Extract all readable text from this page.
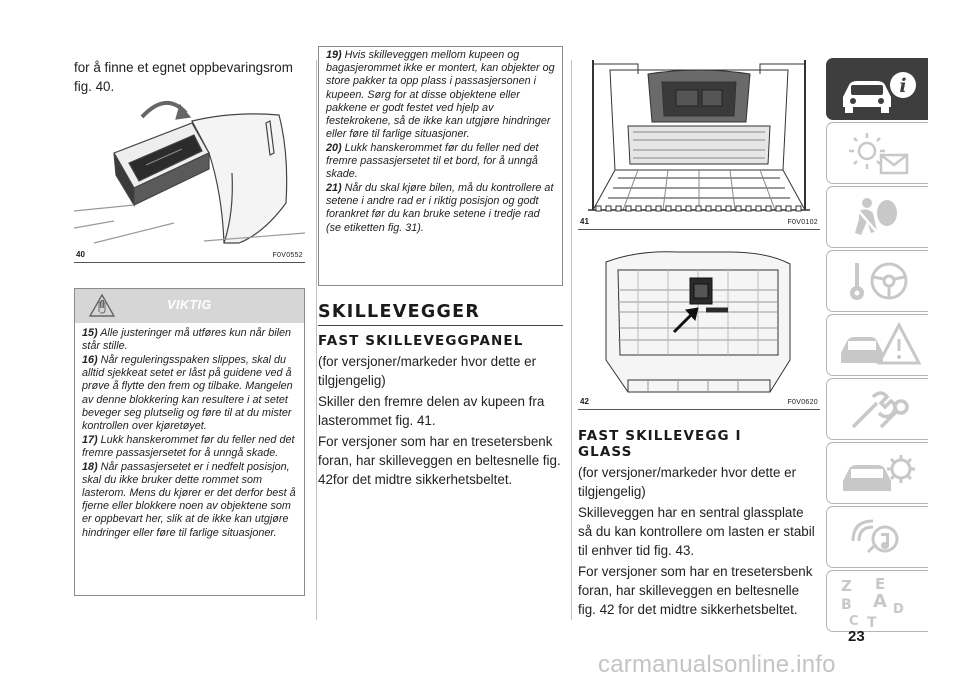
for å finne et egnet oppbevaringsrom fig. 40.
40	F0V0552
VIKTIG

15) Alle justeringer må utføres kun når bilen står stille.

16) Når reguleringsspaken slippes, skal du alltid sjekkeat setet er låst på guidene ved å prøve å flytte den frem og tilbake. Mangelen av denne blokkering kan resultere i at setet beveger seg plutselig og føre til at du mister kontrollen over kjøretøyet.

17) Lukk hanskerommet før du feller ned det fremre passasjersetet for å unngå skade.

18) Når passasjersetet er i nedfelt posisjon, skal du ikke bruker dette rommet som lasterom. Mens du kjører er det derfor best å fjerne eller blokkere noen av objektene som er oppbevart her, slik at de ikke kan utgjøre hindringer eller føre til farlige situasjoner.

19) Hvis skilleveggen mellom kupeen og bagasjerommet ikke er montert, kan objekter og store pakker ta opp plass i passasjersonen i kupeen. Sørg for at disse objektene eller pakkene er godt festet ved hjelp av festekrokene, så de ikke kan utgjøre hindringer eller føre til farlige situasjoner.

20) Lukk hanskerommet før du feller ned det fremre passasjersetet til et bord, for å unngå skade.

21) Når du skal kjøre bilen, må du kontrollere at setene i andre rad er i riktig posisjon og godt forankret før du kan bruke setene i tredje rad (se etiketten fig. 31).

SKILLEVEGGER
FAST SKILLEVEGGPANEL
(for versjoner/markeder hvor dette er tilgjengelig)
Skiller den fremre delen av kupeen fra lasterommet fig. 41.
For versjoner som har en tresetersbenk foran, har skilleveggen en beltesnelle fig. 42for det midtre sikkerhetsbeltet.
41	F0V0102
42	F0V0620
FAST SKILLEVEGG I
GLASS
(for versjoner/markeder hvor dette er tilgjengelig)
Skilleveggen har en sentral glassplate så du kan kontrollere om lasten er stabil til enhver tid fig. 43.
For versjoner som har en tresetersbenk foran, har skilleveggen en beltesnelle fig. 42 for det midtre sikkerhetsbeltet.
i
Z E
B A D
C T
23
carmanualsonline.info
